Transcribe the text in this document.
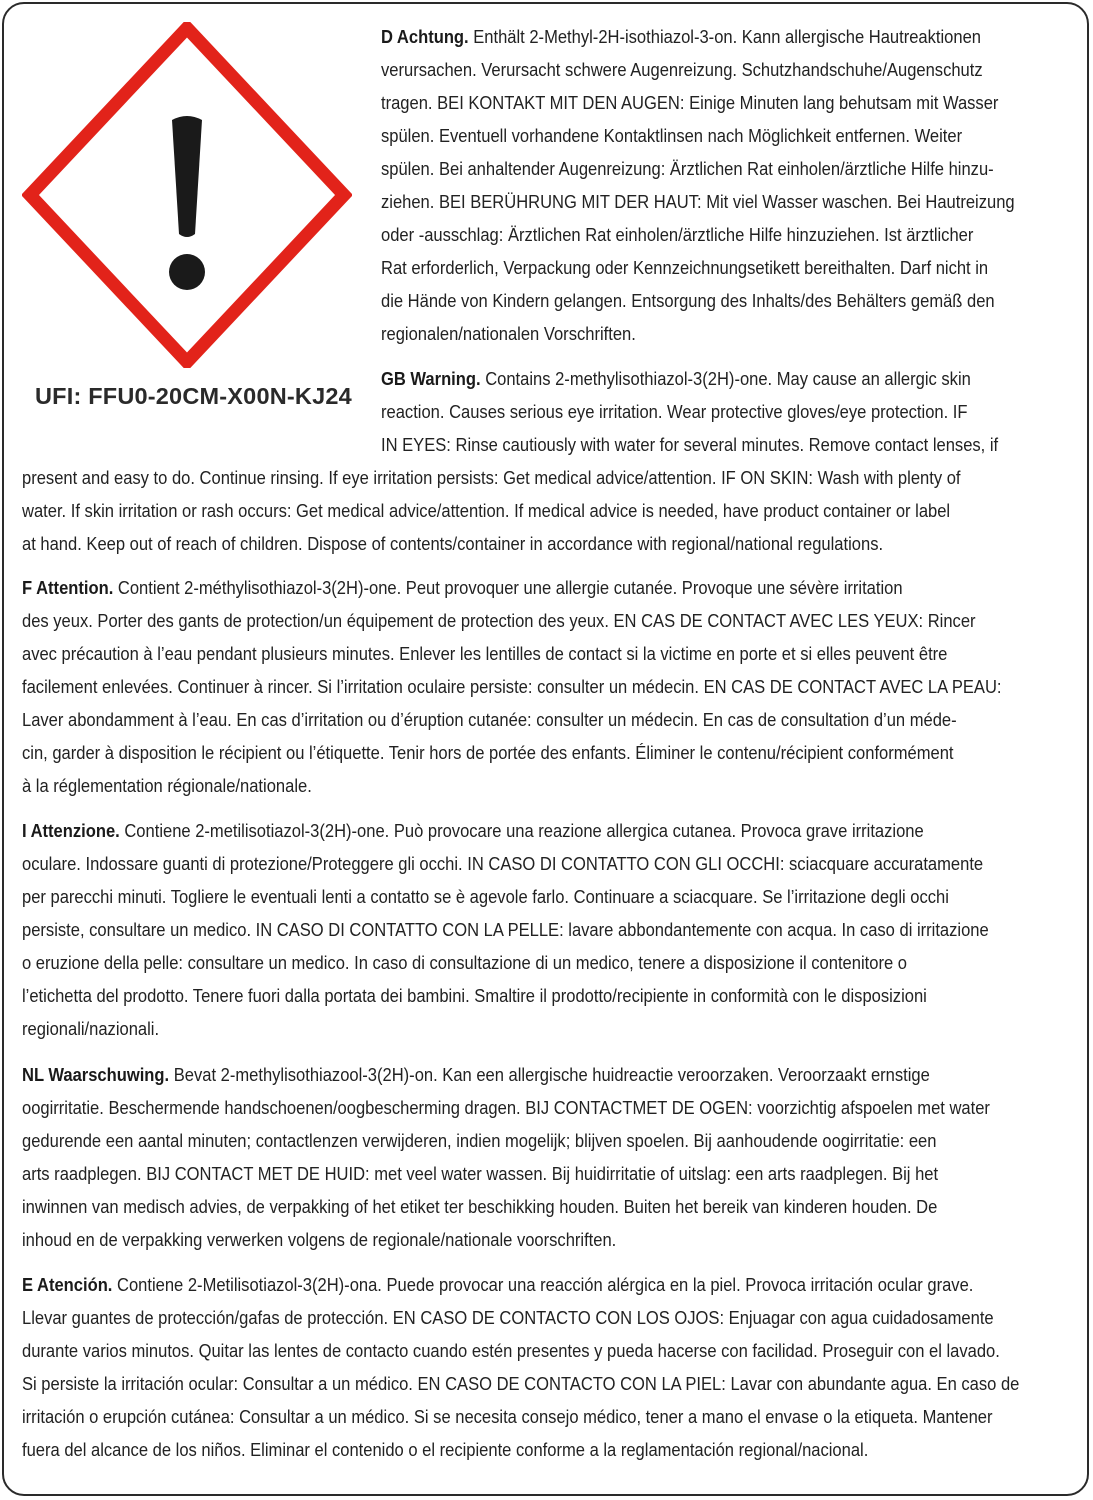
UFI: FFU0-20CM-X00N-KJ24
D Achtung. Enthält 2-Methyl-2H-isothiazol-3-on. Kann allergische Hautreaktionen
verursachen. Verursacht schwere Augenreizung. Schutzhandschuhe/Augenschutz
tragen. BEI KONTAKT MIT DEN AUGEN: Einige Minuten lang behutsam mit Wasser
spülen. Eventuell vorhandene Kontaktlinsen nach Möglichkeit entfernen. Weiter
spülen. Bei anhaltender Augenreizung: Ärztlichen Rat einholen/ärztliche Hilfe hinzu-
ziehen. BEI BERÜHRUNG MIT DER HAUT: Mit viel Wasser waschen. Bei Hautreizung
oder -ausschlag: Ärztlichen Rat einholen/ärztliche Hilfe hinzuziehen. Ist ärztlicher
Rat erforderlich, Verpackung oder Kennzeichnungsetikett bereithalten. Darf nicht in
die Hände von Kindern gelangen. Entsorgung des Inhalts/des Behälters gemäß den
regionalen/nationalen Vorschriften.
GB Warning. Contains 2-methylisothiazol-3(2H)-one. May cause an allergic skin
reaction. Causes serious eye irritation. Wear protective gloves/eye protection. IF
IN EYES: Rinse cautiously with water for several minutes. Remove contact lenses, if
present and easy to do. Continue rinsing. If eye irritation persists: Get medical advice/attention. IF ON SKIN: Wash with plenty of
water. If skin irritation or rash occurs: Get medical advice/attention. If medical advice is needed, have product container or label
at hand. Keep out of reach of children. Dispose of contents/container in accordance with regional/national regulations.
F Attention. Contient 2-méthylisothiazol-3(2H)-one. Peut provoquer une allergie cutanée. Provoque une sévère irritation
des yeux. Porter des gants de protection/un équipement de protection des yeux. EN CAS DE CONTACT AVEC LES YEUX: Rincer
avec précaution à l’eau pendant plusieurs minutes. Enlever les lentilles de contact si la victime en porte et si elles peuvent être
facilement enlevées. Continuer à rincer. Si l’irritation oculaire persiste: consulter un médecin. EN CAS DE CONTACT AVEC LA PEAU:
Laver abondamment à l’eau. En cas d’irritation ou d’éruption cutanée: consulter un médecin. En cas de consultation d’un méde-
cin, garder à disposition le récipient ou l’étiquette. Tenir hors de portée des enfants. Éliminer le contenu/récipient conformément
à la réglementation régionale/nationale.
I Attenzione. Contiene 2-metilisotiazol-3(2H)-one. Può provocare una reazione allergica cutanea. Provoca grave irritazione
oculare. Indossare guanti di protezione/Proteggere gli occhi. IN CASO DI CONTATTO CON GLI OCCHI: sciacquare accuratamente
per parecchi minuti. Togliere le eventuali lenti a contatto se è agevole farlo. Continuare a sciacquare. Se l’irritazione degli occhi
persiste, consultare un medico. IN CASO DI CONTATTO CON LA PELLE: lavare abbondantemente con acqua. In caso di irritazione
o eruzione della pelle: consultare un medico. In caso di consultazione di un medico, tenere a disposizione il contenitore o
l’etichetta del prodotto. Tenere fuori dalla portata dei bambini. Smaltire il prodotto/recipiente in conformità con le disposizioni
regionali/nazionali.
NL Waarschuwing. Bevat 2-methylisothiazool-3(2H)-on. Kan een allergische huidreactie veroorzaken. Veroorzaakt ernstige
oogirritatie. Beschermende handschoenen/oogbescherming dragen. BIJ CONTACTMET DE OGEN: voorzichtig afspoelen met water
gedurende een aantal minuten; contactlenzen verwijderen, indien mogelijk; blijven spoelen. Bij aanhoudende oogirritatie: een
arts raadplegen. BIJ CONTACT MET DE HUID: met veel water wassen. Bij huidirritatie of uitslag: een arts raadplegen. Bij het
inwinnen van medisch advies, de verpakking of het etiket ter beschikking houden. Buiten het bereik van kinderen houden. De
inhoud en de verpakking verwerken volgens de regionale/nationale voorschriften.
E Atención. Contiene 2-Metilisotiazol-3(2H)-ona. Puede provocar una reacción alérgica en la piel. Provoca irritación ocular grave.
Llevar guantes de protección/gafas de protección. EN CASO DE CONTACTO CON LOS OJOS: Enjuagar con agua cuidadosamente
durante varios minutos. Quitar las lentes de contacto cuando estén presentes y pueda hacerse con facilidad. Proseguir con el lavado.
Si persiste la irritación ocular: Consultar a un médico. EN CASO DE CONTACTO CON LA PIEL: Lavar con abundante agua. En caso de
irritación o erupción cutánea: Consultar a un médico. Si se necesita consejo médico, tener a mano el envase o la etiqueta. Mantener
fuera del alcance de los niños. Eliminar el contenido o el recipiente conforme a la reglamentación regional/nacional.
